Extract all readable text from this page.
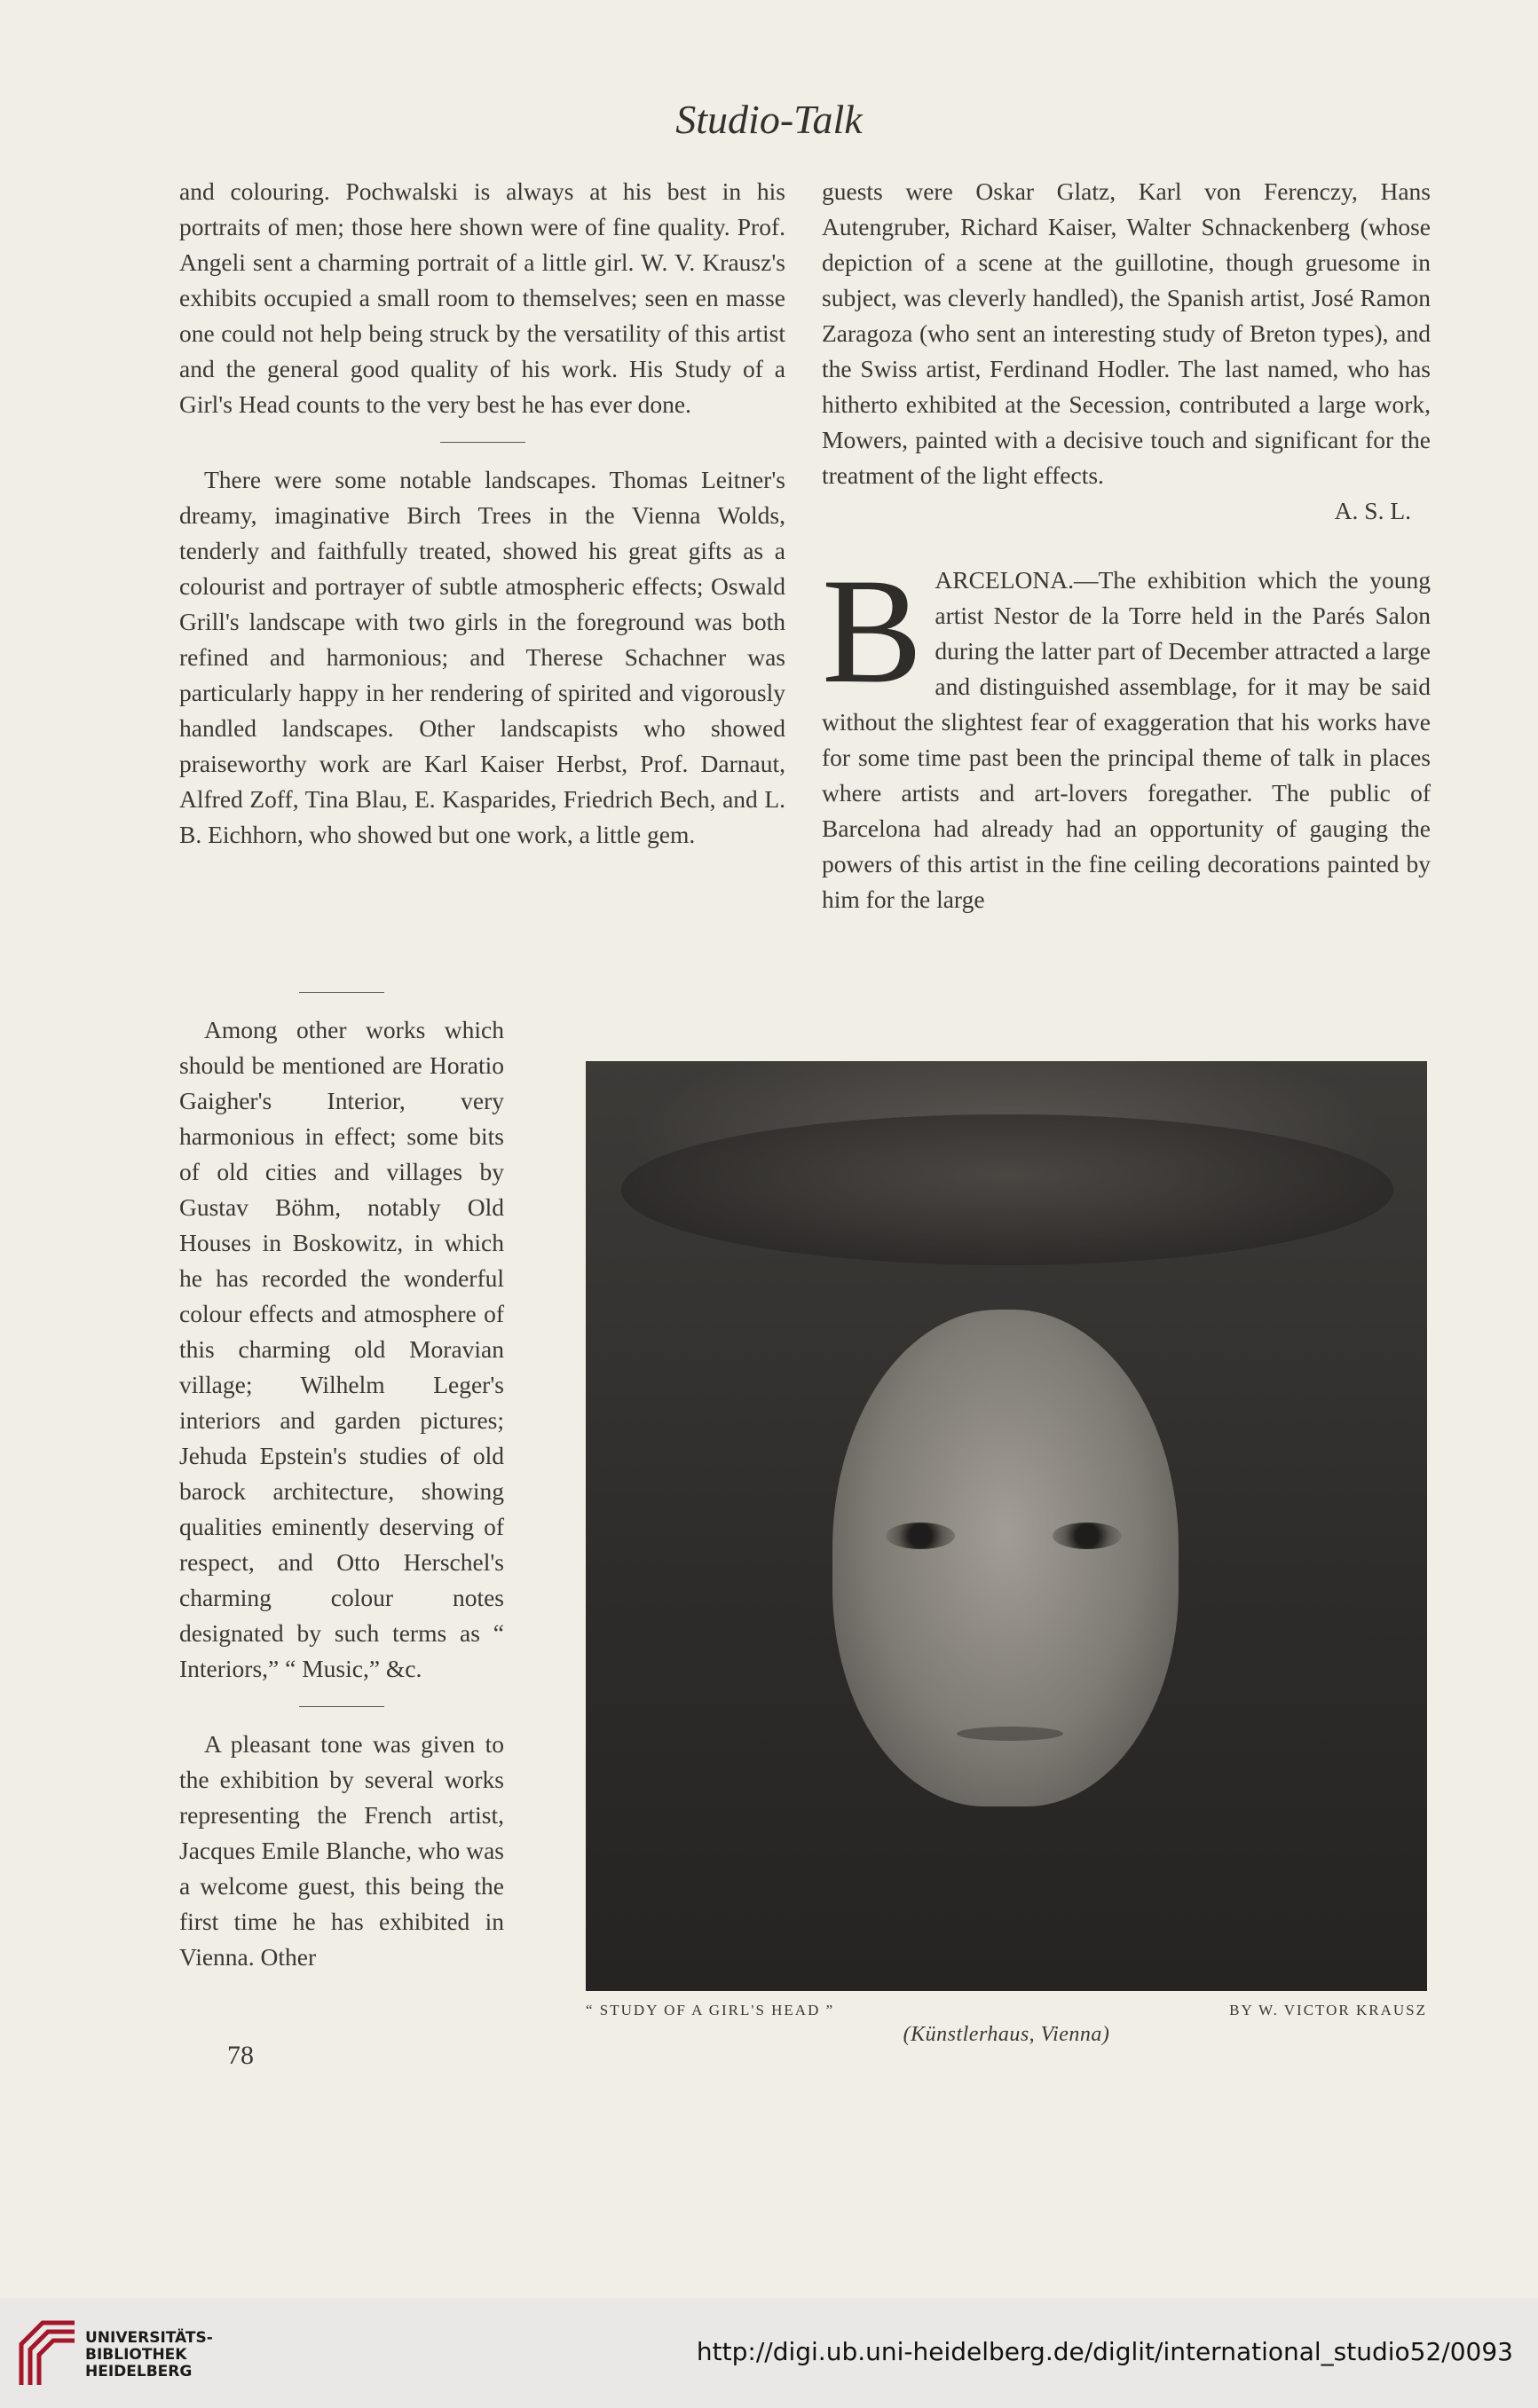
Studio-Talk

and colouring. Pochwalski is always at his best in his portraits of men; those here shown were of fine quality. Prof. Angeli sent a charming portrait of a little girl. W. V. Krausz's exhibits occupied a small room to themselves; seen en masse one could not help being struck by the versatility of this artist and the general good quality of his work. His Study of a Girl's Head counts to the very best he has ever done.

There were some notable landscapes. Thomas Leitner's dreamy, imaginative Birch Trees in the Vienna Wolds, tenderly and faithfully treated, showed his great gifts as a colourist and portrayer of subtle atmospheric effects; Oswald Grill's landscape with two girls in the foreground was both refined and harmonious; and Therese Schachner was particularly happy in her rendering of spirited and vigorously handled landscapes. Other landscapists who showed praiseworthy work are Karl Kaiser Herbst, Prof. Darnaut, Alfred Zoff, Tina Blau, E. Kasparides, Friedrich Bech, and L. B. Eichhorn, who showed but one work, a little gem.

Among other works which should be mentioned are Horatio Gaigher's Interior, very harmonious in effect; some bits of old cities and villages by Gustav Böhm, notably Old Houses in Boskowitz, in which he has recorded the wonderful colour effects and atmosphere of this charming old Moravian village; Wilhelm Leger's interiors and garden pictures; Jehuda Epstein's studies of old barock architecture, showing qualities eminently deserving of respect, and Otto Herschel's charming colour notes designated by such terms as “ Interiors,” “ Music,” &c.

A pleasant tone was given to the exhibition by several works representing the French artist, Jacques Emile Blanche, who was a welcome guest, this being the first time he has exhibited in Vienna. Other

guests were Oskar Glatz, Karl von Ferenczy, Hans Autengruber, Richard Kaiser, Walter Schnackenberg (whose depiction of a scene at the guillotine, though gruesome in subject, was cleverly handled), the Spanish artist, José Ramon Zaragoza (who sent an interesting study of Breton types), and the Swiss artist, Ferdinand Hodler. The last named, who has hitherto exhibited at the Secession, contributed a large work, Mowers, painted with a decisive touch and significant for the treatment of the light effects.

A. S. L.
B ARCELONA.—The exhibition which the young artist Nestor de la Torre held in the Parés Salon during the latter part of December attracted a large and distinguished assemblage, for it may be said without the slightest fear of exaggeration that his works have for some time past been the principal theme of talk in places where artists and art-lovers foregather. The public of Barcelona had already had an opportunity of gauging the powers of this artist in the fine ceiling decorations painted by him for the large

“ STUDY OF A GIRL'S HEAD ”	BY W. VICTOR KRAUSZ
(Künstlerhaus, Vienna)
78
UNIVERSITÄTS-
BIBLIOTHEK
HEIDELBERG
http://digi.ub.uni-heidelberg.de/diglit/international_studio52/0093
